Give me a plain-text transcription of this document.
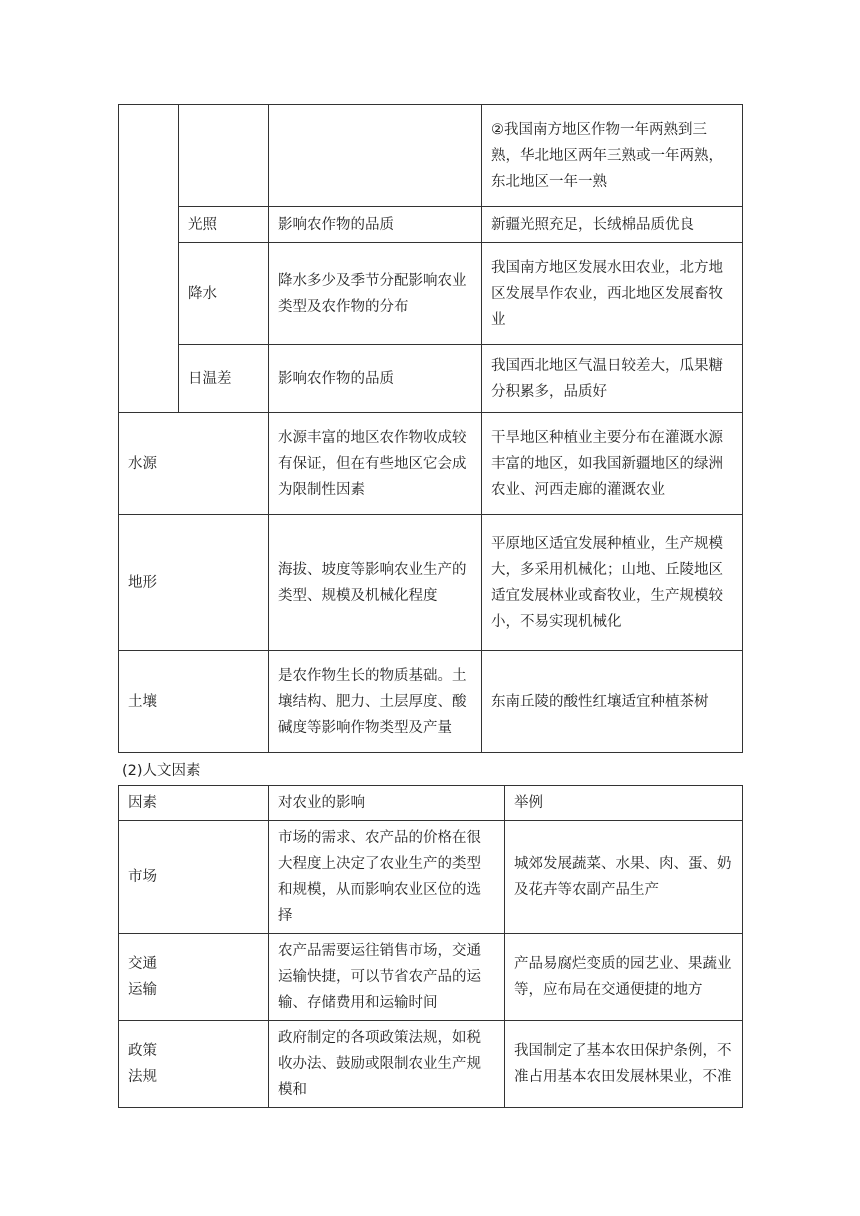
			②我国南方地区作物一年两熟到三熟，华北地区两年三熟或一年两熟，东北地区一年一熟
	光照	影响农作物的品质	新疆光照充足，长绒棉品质优良
	降水	降水多少及季节分配影响农业类型及农作物的分布	我国南方地区发展水田农业，北方地区发展旱作农业，西北地区发展畜牧业
	日温差	影响农作物的品质	我国西北地区气温日较差大，瓜果糖分积累多，品质好
水源		水源丰富的地区农作物收成较有保证，但在有些地区它会成为限制性因素	干旱地区种植业主要分布在灌溉水源丰富的地区，如我国新疆地区的绿洲农业、河西走廊的灌溉农业
地形		海拔、坡度等影响农业生产的类型、规模及机械化程度	平原地区适宜发展种植业，生产规模大，多采用机械化；山地、丘陵地区适宜发展林业或畜牧业，生产规模较小，不易实现机械化
土壤		是农作物生长的物质基础。土壤结构、肥力、土层厚度、酸碱度等影响作物类型及产量	东南丘陵的酸性红壤适宜种植茶树
(2)人文因素
因素	对农业的影响	举例
市场	市场的需求、农产品的价格在很大程度上决定了农业生产的类型和规模，从而影响农业区位的选择	城郊发展蔬菜、水果、肉、蛋、奶及花卉等农副产品生产

交通
运输	农产品需要运往销售市场，交通运输快捷，可以节省农产品的运输、存储费用和运输时间	产品易腐烂变质的园艺业、果蔬业等，应布局在交通便捷的地方

政策
法规	政府制定的各项政策法规，如税收办法、鼓励或限制农业生产规模和	我国制定了基本农田保护条例，不准占用基本农田发展林果业，不准
